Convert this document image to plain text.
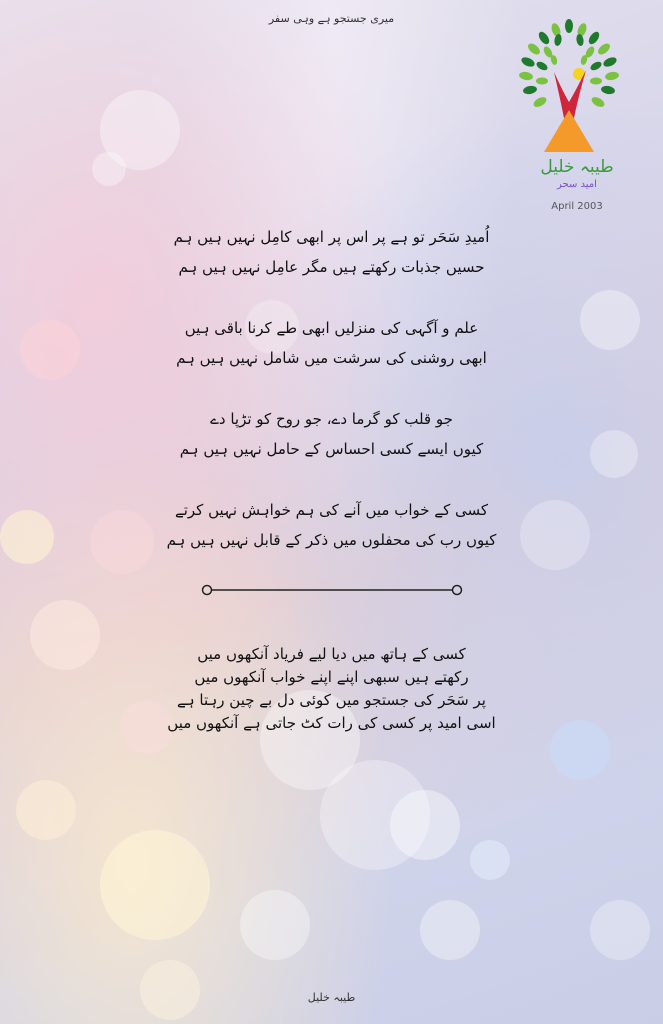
میری جستجو ہے وہی سفر
طیبہ خلیل
امید سحر
April 2003
اُمیدِ سَحَر تو ہے پر اس پر ابھی کامِل نہیں ہیں ہم
حسیں جذبات رکھتے ہیں مگر عامِل نہیں ہیں ہم
علم و آگہی کی منزلیں ابھی طے کرنا باقی ہیں
ابھی روشنی کی سرشت میں شامل نہیں ہیں ہم
جو قلب کو گرما دے، جو روح کو تڑپا دے
کیوں ایسے کسی احساس کے حامل نہیں ہیں ہم
کسی کے خواب میں آنے کی ہم خواہش نہیں کرتے
کیوں رب کی محفلوں میں ذکر کے قابل نہیں ہیں ہم
کسی کے ہاتھ میں دیا لیے فریاد آنکھوں میں
رکھتے ہیں سبھی اپنے اپنے خواب آنکھوں میں
پر سَحَر کی جستجو میں کوئی دل بے چین رہتا ہے
اسی امید پر کسی کی رات کٹ جاتی ہے آنکھوں میں
طیبہ خلیل
